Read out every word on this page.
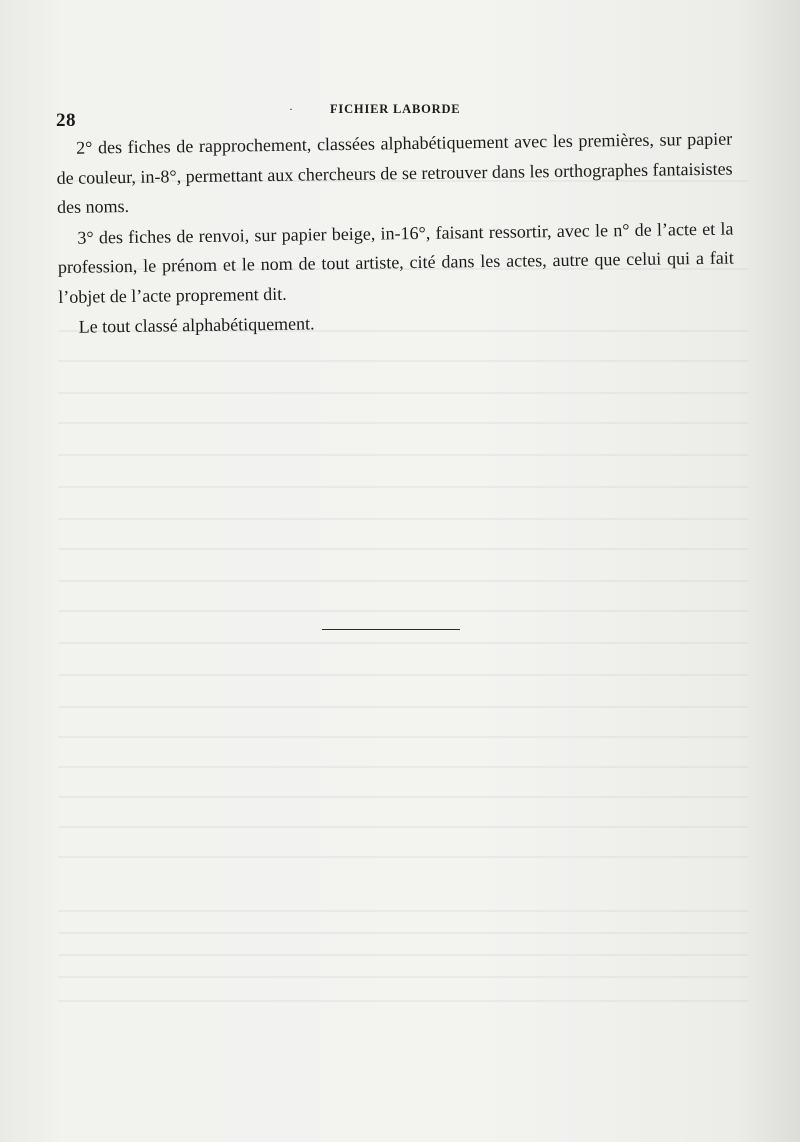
28
·	FICHIER LABORDE

2° des fiches de rapprochement, classées alphabétiquement avec les premières, sur papier de couleur, in-8°, permettant aux chercheurs de se retrouver dans les orthographes fantaisistes des noms.

3° des fiches de renvoi, sur papier beige, in-16°, faisant ressortir, avec le n° de l’acte et la profession, le prénom et le nom de tout artiste, cité dans les actes, autre que celui qui a fait l’objet de l’acte proprement dit.

Le tout classé alphabétiquement.
